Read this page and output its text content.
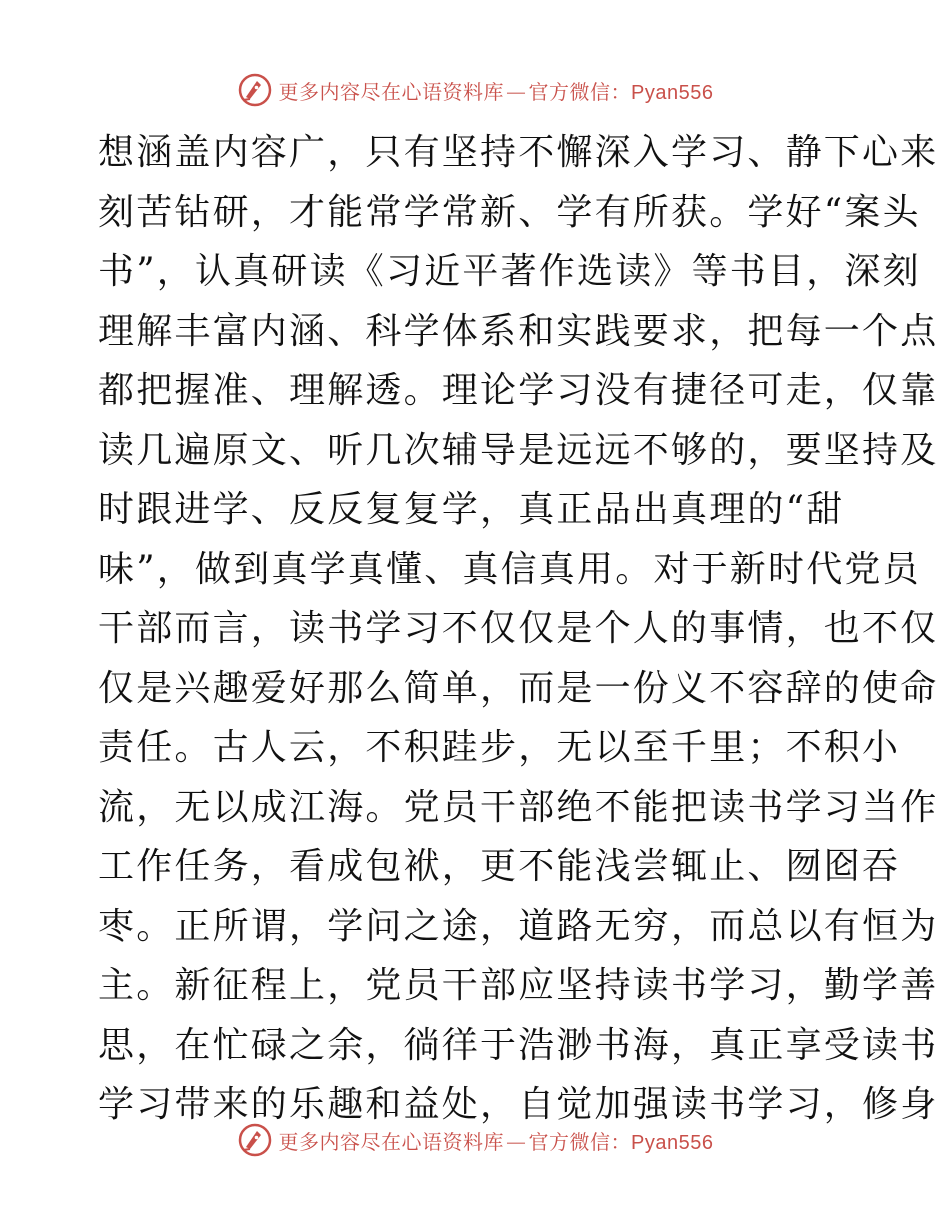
更多内容尽在心语资料库 — 官方微信：Pyan556
想涵盖内容广，只有坚持不懈深入学习、静下心来
刻苦钻研，才能常学常新、学有所获。学好“案头
书”，认真研读《习近平著作选读》等书目，深刻
理解丰富内涵、科学体系和实践要求，把每一个点
都把握准、理解透。理论学习没有捷径可走，仅靠
读几遍原文、听几次辅导是远远不够的，要坚持及
时跟进学、反反复复学，真正品出真理的“甜
味”，做到真学真懂、真信真用。对于新时代党员
干部而言，读书学习不仅仅是个人的事情，也不仅
仅是兴趣爱好那么简单，而是一份义不容辞的使命
责任。古人云，不积跬步，无以至千里；不积小
流，无以成江海。党员干部绝不能把读书学习当作
工作任务，看成包袱，更不能浅尝辄止、囫囵吞
枣。正所谓，学问之途，道路无穷，而总以有恒为
主。新征程上，党员干部应坚持读书学习，勤学善
思，在忙碌之余，徜徉于浩渺书海，真正享受读书
学习带来的乐趣和益处，自觉加强读书学习，修身
更多内容尽在心语资料库 — 官方微信：Pyan556
